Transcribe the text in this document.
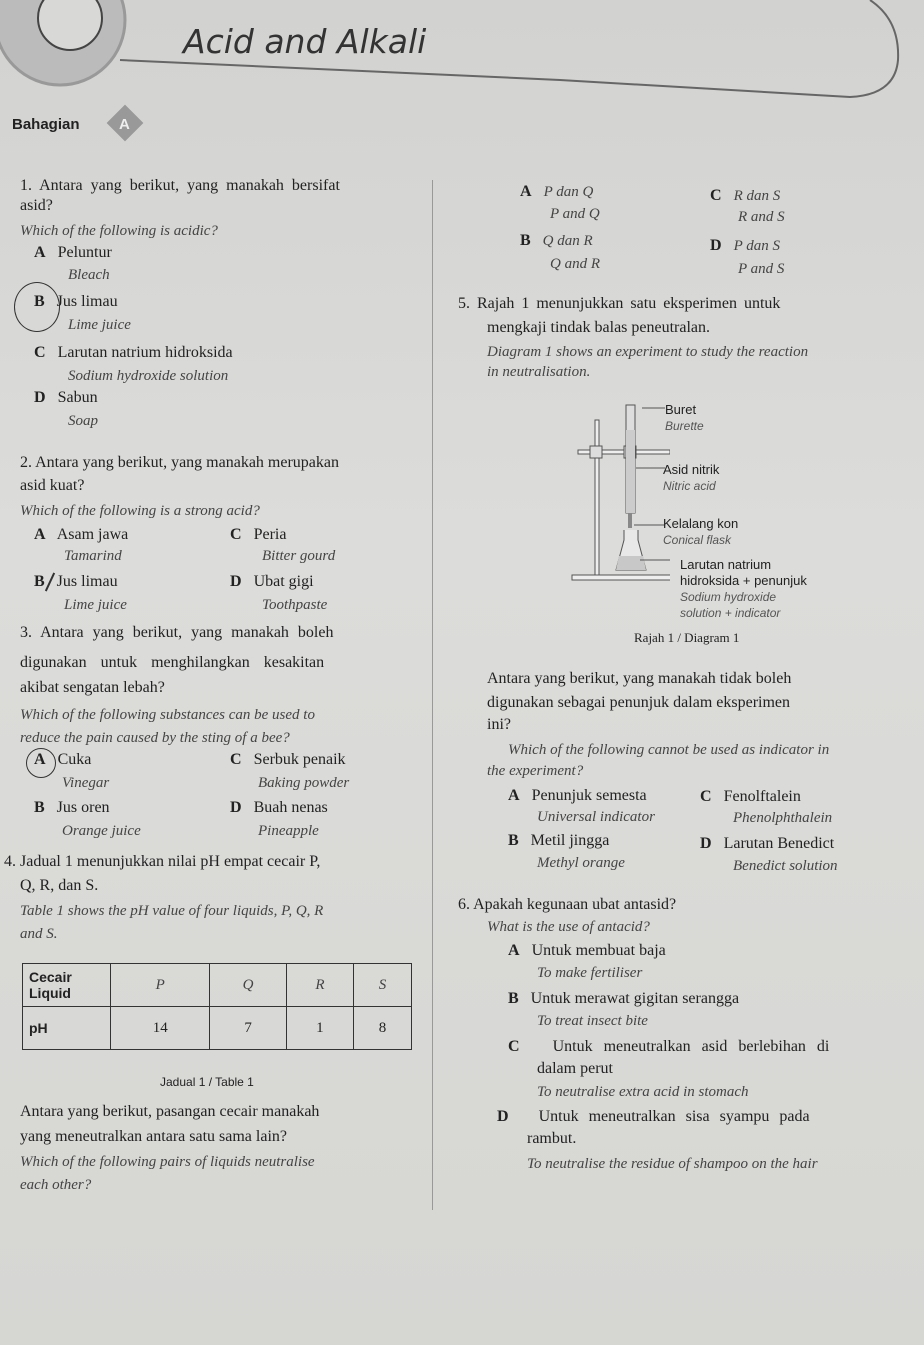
Acid and Alkali
Bahagian	A
1. Antara yang berikut, yang manakah bersifat
asid?
Which of the following is acidic?
A Peluntur
Bleach
B Jus limau
Lime juice
C Larutan natrium hidroksida
Sodium hydroxide solution
D Sabun
Soap
2. Antara yang berikut, yang manakah merupakan
asid kuat?
Which of the following is a strong acid?
A Asam jawa
Tamarind
C Peria
Bitter gourd
B Jus limau
Lime juice
D Ubat gigi
Toothpaste
3. Antara yang berikut, yang manakah boleh
digunakan untuk menghilangkan kesakitan
akibat sengatan lebah?
Which of the following substances can be used to
reduce the pain caused by the sting of a bee?
A Cuka
Vinegar
C Serbuk penaik
Baking powder
B Jus oren
Orange juice
D Buah nenas
Pineapple
4. Jadual 1 menunjukkan nilai pH empat cecair P,
Q, R, dan S.
Table 1 shows the pH value of four liquids, P, Q, R
and S.
Cecair
Liquid	P	Q	R	S
pH	14	7	1	8
Jadual 1 / Table 1
Antara yang berikut, pasangan cecair manakah
yang meneutralkan antara satu sama lain?
Which of the following pairs of liquids neutralise
each other?
A P dan Q
P and Q
B Q dan R
Q and R
C R dan S
R and S
D P dan S
P and S
5. Rajah 1 menunjukkan satu eksperimen untuk
mengkaji tindak balas peneutralan.
Diagram 1 shows an experiment to study the reaction
in neutralisation.
Buret
Burette
Asid nitrik
Nitric acid
Kelalang kon
Conical flask
Larutan natrium
hidroksida + penunjuk
Sodium hydroxide
solution + indicator
Rajah 1 / Diagram 1
Antara yang berikut, yang manakah tidak boleh
digunakan sebagai penunjuk dalam eksperimen
ini?
Which of the following cannot be used as indicator in
the experiment?
A Penunjuk semesta
Universal indicator
C Fenolftalein
Phenolphthalein
B Metil jingga
Methyl orange
D Larutan Benedict
Benedict solution
6. Apakah kegunaan ubat antasid?
What is the use of antacid?
A Untuk membuat baja
To make fertiliser
B Untuk merawat gigitan serangga
To treat insect bite
C Untuk meneutralkan asid berlebihan di
dalam perut
To neutralise extra acid in stomach
D Untuk meneutralkan sisa syampu pada
rambut.
To neutralise the residue of shampoo on the hair
